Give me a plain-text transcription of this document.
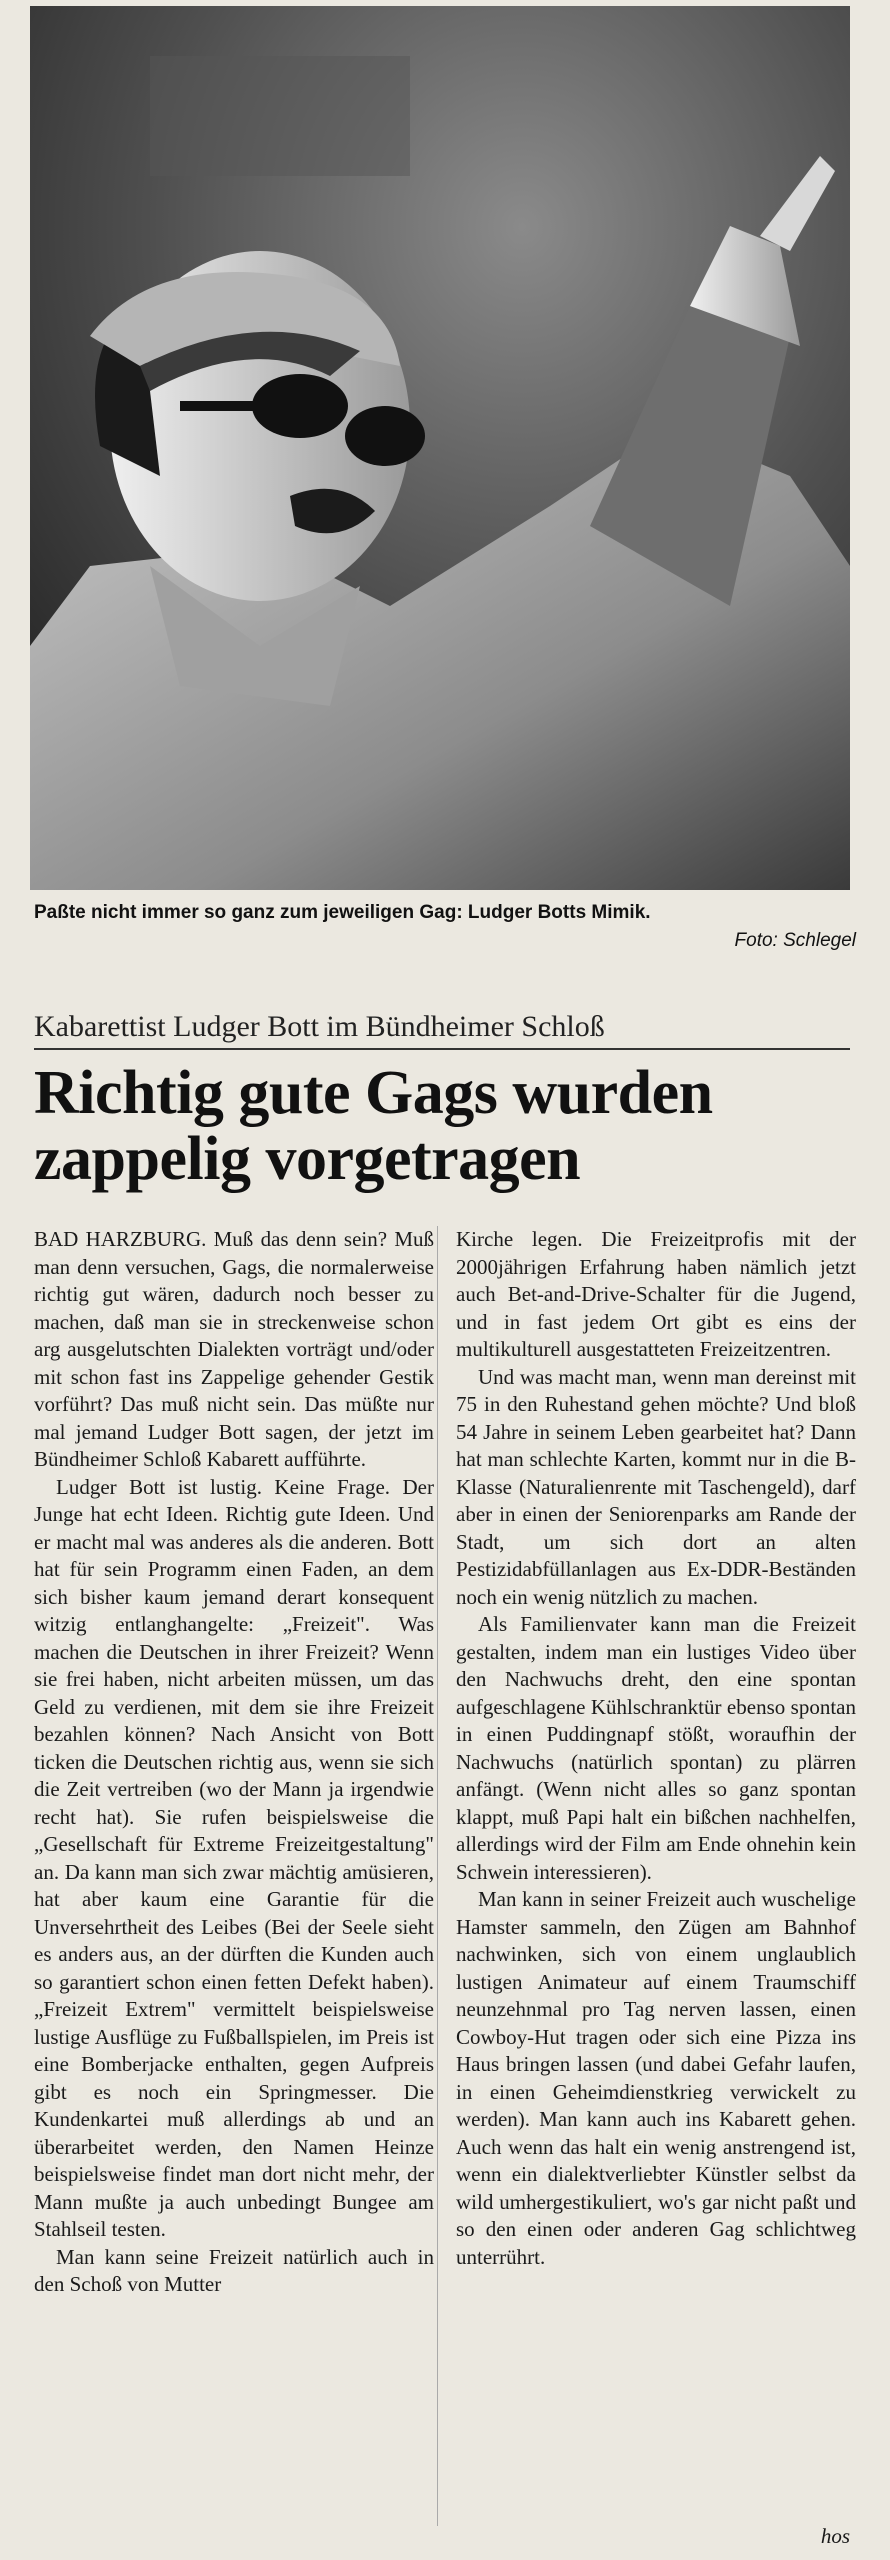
Paßte nicht immer so ganz zum jeweiligen Gag: Ludger Botts Mimik.
Foto: Schlegel
Kabarettist Ludger Bott im Bündheimer Schloß
Richtig gute Gags wurden zappelig vorgetragen

BAD HARZBURG. Muß das denn sein? Muß man denn versuchen, Gags, die normalerweise richtig gut wären, dadurch noch besser zu machen, daß man sie in streckenweise schon arg ausgelutschten Dialekten vorträgt und/oder mit schon fast ins Zappelige gehender Gestik vorführt? Das muß nicht sein. Das müßte nur mal jemand Ludger Bott sagen, der jetzt im Bündheimer Schloß Kabarett aufführte.

Ludger Bott ist lustig. Keine Frage. Der Junge hat echt Ideen. Richtig gute Ideen. Und er macht mal was anderes als die anderen. Bott hat für sein Programm einen Faden, an dem sich bisher kaum jemand derart konsequent witzig entlanghangelte: „Freizeit". Was machen die Deutschen in ihrer Freizeit? Wenn sie frei haben, nicht arbeiten müssen, um das Geld zu verdienen, mit dem sie ihre Freizeit bezahlen können? Nach Ansicht von Bott ticken die Deutschen richtig aus, wenn sie sich die Zeit vertreiben (wo der Mann ja irgendwie recht hat). Sie rufen beispielsweise die „Gesellschaft für Extreme Freizeitgestaltung" an. Da kann man sich zwar mächtig amüsieren, hat aber kaum eine Garantie für die Unversehrtheit des Leibes (Bei der Seele sieht es anders aus, an der dürften die Kunden auch so garantiert schon einen fetten Defekt haben). „Freizeit Extrem" vermittelt beispielsweise lustige Ausflüge zu Fußballspielen, im Preis ist eine Bomberjacke enthalten, gegen Aufpreis gibt es noch ein Springmesser. Die Kundenkartei muß allerdings ab und an überarbeitet werden, den Namen Heinze beispielsweise findet man dort nicht mehr, der Mann mußte ja auch unbedingt Bungee am Stahlseil testen.

Man kann seine Freizeit natürlich auch in den Schoß von Mutter

Kirche legen. Die Freizeitprofis mit der 2000jährigen Erfahrung haben nämlich jetzt auch Bet-and-Drive-Schalter für die Jugend, und in fast jedem Ort gibt es eins der multikulturell ausgestatteten Freizeitzentren.

Und was macht man, wenn man dereinst mit 75 in den Ruhestand gehen möchte? Und bloß 54 Jahre in seinem Leben gearbeitet hat? Dann hat man schlechte Karten, kommt nur in die B-Klasse (Naturalienrente mit Taschengeld), darf aber in einen der Seniorenparks am Rande der Stadt, um sich dort an alten Pestizidabfüllanlagen aus Ex-DDR-Beständen noch ein wenig nützlich zu machen.

Als Familienvater kann man die Freizeit gestalten, indem man ein lustiges Video über den Nachwuchs dreht, den eine spontan aufgeschlagene Kühlschranktür ebenso spontan in einen Puddingnapf stößt, woraufhin der Nachwuchs (natürlich spontan) zu plärren anfängt. (Wenn nicht alles so ganz spontan klappt, muß Papi halt ein bißchen nachhelfen, allerdings wird der Film am Ende ohnehin kein Schwein interessieren).

Man kann in seiner Freizeit auch wuschelige Hamster sammeln, den Zügen am Bahnhof nachwinken, sich von einem unglaublich lustigen Animateur auf einem Traumschiff neunzehnmal pro Tag nerven lassen, einen Cowboy-Hut tragen oder sich eine Pizza ins Haus bringen lassen (und dabei Gefahr laufen, in einen Geheimdienstkrieg verwickelt zu werden). Man kann auch ins Kabarett gehen. Auch wenn das halt ein wenig anstrengend ist, wenn ein dialektverliebter Künstler selbst da wild umhergestikuliert, wo's gar nicht paßt und so den einen oder anderen Gag schlichtweg unterrührt.

hos
